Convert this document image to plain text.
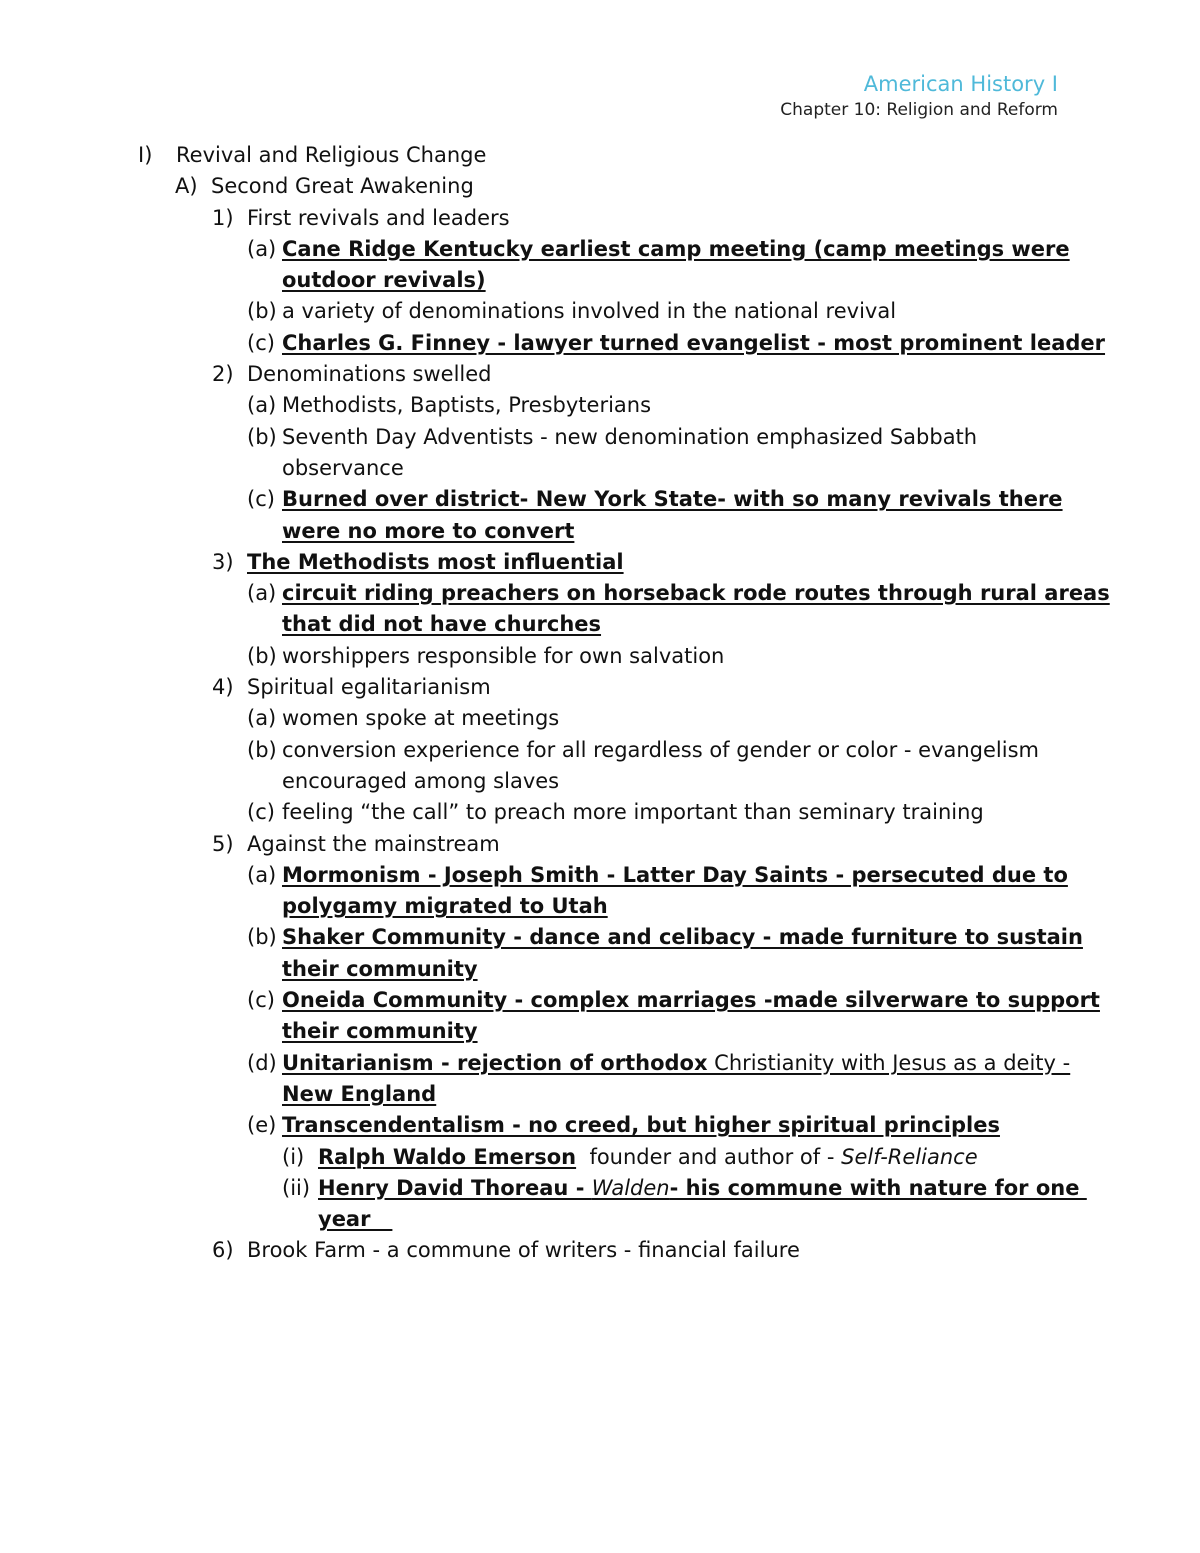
American History I
Chapter 10: Religion and Reform
I) Revival and Religious Change
A) Second Great Awakening
1) First revivals and leaders
(a) Cane Ridge Kentucky earliest camp meeting (camp meetings were
outdoor revivals)
(b) a variety of denominations involved in the national revival
(c) Charles G. Finney - lawyer turned evangelist - most prominent leader
2) Denominations swelled
(a) Methodists, Baptists, Presbyterians
(b) Seventh Day Adventists - new denomination emphasized Sabbath
observance
(c) Burned over district- New York State- with so many revivals there
were no more to convert
3) The Methodists most influential
(a) circuit riding preachers on horseback rode routes through rural areas
that did not have churches
(b) worshippers responsible for own salvation
4) Spiritual egalitarianism
(a) women spoke at meetings
(b) conversion experience for all regardless of gender or color - evangelism
encouraged among slaves
(c) feeling “the call” to preach more important than seminary training
5) Against the mainstream
(a) Mormonism - Joseph Smith - Latter Day Saints - persecuted due to
polygamy migrated to Utah
(b) Shaker Community - dance and celibacy - made furniture to sustain
their community
(c) Oneida Community - complex marriages -made silverware to support
their community
(d) Unitarianism - rejection of orthodox Christianity with Jesus as a deity -
New England
(e) Transcendentalism - no creed, but higher spiritual principles
(i) Ralph Waldo Emerson  founder and author of - Self-Reliance
(ii) Henry David Thoreau - Walden- his commune with nature for one
year
6) Brook Farm - a commune of writers - financial failure
